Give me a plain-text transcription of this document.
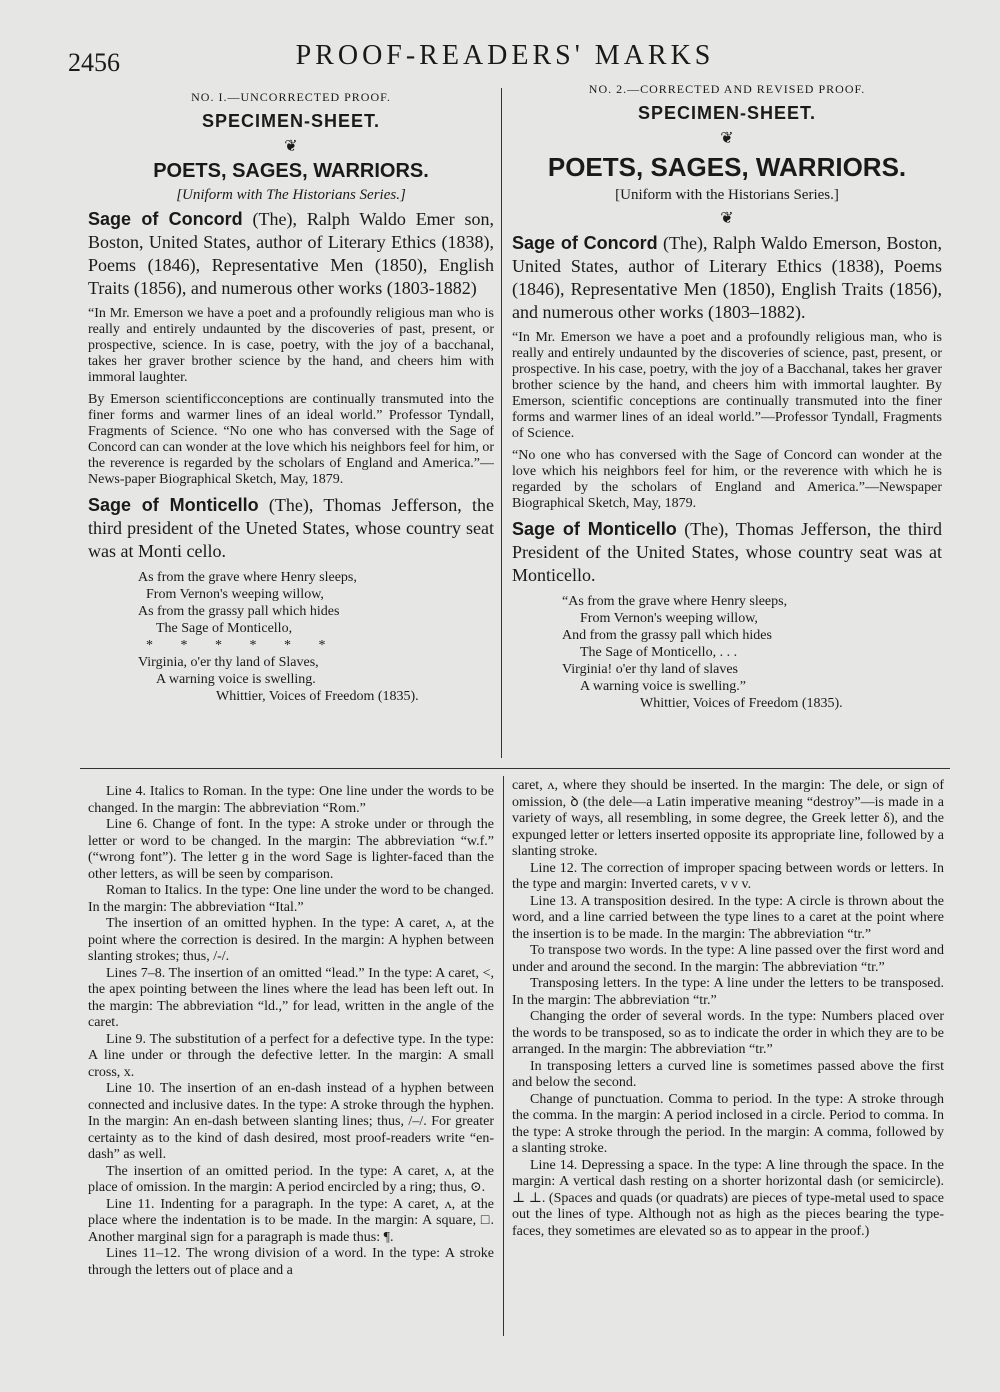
2456	PROOF-READERS' MARKS
NO. I.—UNCORRECTED PROOF.
SPECIMEN-SHEET.
❦
POETS, SAGES, WARRIORS.
[Uniform with The Historians Series.]

Sage of Concord (The), Ralph Waldo Emer son, Boston, United States, author of Literary Ethics (1838), Poems (1846), Representative Men (1850), English Traits (1856), and numerous other works (1803-1882)

“In Mr. Emerson we have a poet and a profoundly religious man who is really and entirely undaunted by the discoveries of past, present, or prospective, science. In is case, poetry, with the joy of a bacchanal, takes her graver brother science by the hand, and cheers him with immoral laughter.

By Emerson scientificconceptions are continually transmuted into the finer forms and warmer lines of an ideal world.” Professor Tyndall, Fragments of Science. “No one who has conversed with the Sage of Concord can can wonder at the love which his neighbors feel for him, or the reverence is regarded by the scholars of England and America.”—News-paper Biographical Sketch, May, 1879.

Sage of Monticello (The), Thomas Jefferson, the third president of the Uneted States, whose country seat was at Monti cello.

As from the grave where Henry sleeps,
From Vernon's weeping willow,
As from the grassy pall which hides
The Sage of Monticello,
* * * * * *
Virginia, o'er thy land of Slaves,
A warning voice is swelling.
Whittier, Voices of Freedom (1835).
NO. 2.—CORRECTED AND REVISED PROOF.
SPECIMEN-SHEET.
❦
POETS, SAGES, WARRIORS.
[Uniform with the Historians Series.]
❦

Sage of Concord (The), Ralph Waldo Emerson, Boston, United States, author of Literary Ethics (1838), Poems (1846), Representative Men (1850), English Traits (1856), and numerous other works (1803–1882).

“In Mr. Emerson we have a poet and a profoundly religious man, who is really and entirely undaunted by the discoveries of science, past, present, or prospective. In his case, poetry, with the joy of a Bacchanal, takes her graver brother science by the hand, and cheers him with immortal laughter. By Emerson, scientific conceptions are continually transmuted into the finer forms and warmer lines of an ideal world.”—Professor Tyndall, Fragments of Science.

“No one who has conversed with the Sage of Concord can wonder at the love which his neighbors feel for him, or the reverence with which he is regarded by the scholars of England and America.”—Newspaper Biographical Sketch, May, 1879.

Sage of Monticello (The), Thomas Jefferson, the third President of the United States, whose country seat was at Monticello.

“As from the grave where Henry sleeps,
From Vernon's weeping willow,
And from the grassy pall which hides
The Sage of Monticello, . . .
Virginia! o'er thy land of slaves
A warning voice is swelling.”
Whittier, Voices of Freedom (1835).

Line 4. Italics to Roman. In the type: One line under the words to be changed. In the margin: The abbreviation “Rom.”

Line 6. Change of font. In the type: A stroke under or through the letter or word to be changed. In the margin: The abbreviation “w.f.” (“wrong font”). The letter g in the word Sage is lighter-faced than the other letters, as will be seen by comparison.

Roman to Italics. In the type: One line under the word to be changed. In the margin: The abbreviation “Ital.”

The insertion of an omitted hyphen. In the type: A caret, ʌ, at the point where the correction is desired. In the margin: A hyphen between slanting strokes; thus, /-/.

Lines 7–8. The insertion of an omitted “lead.” In the type: A caret, <, the apex pointing between the lines where the lead has been left out. In the margin: The abbreviation “ld.,” for lead, written in the angle of the caret.

Line 9. The substitution of a perfect for a defective type. In the type: A line under or through the defective letter. In the margin: A small cross, x.

Line 10. The insertion of an en-dash instead of a hyphen between connected and inclusive dates. In the type: A stroke through the hyphen. In the margin: An en-dash between slanting lines; thus, /–/. For greater certainty as to the kind of dash desired, most proof-readers write “en-dash” as well.

The insertion of an omitted period. In the type: A caret, ʌ, at the place of omission. In the margin: A period encircled by a ring; thus, ⊙.

Line 11. Indenting for a paragraph. In the type: A caret, ʌ, at the place where the indentation is to be made. In the margin: A square, □. Another marginal sign for a paragraph is made thus: ¶.

Lines 11–12. The wrong division of a word. In the type: A stroke through the letters out of place and a

caret, ʌ, where they should be inserted. In the margin: The dele, or sign of omission, ꝺ (the dele—a Latin imperative meaning “destroy”—is made in a variety of ways, all resembling, in some degree, the Greek letter δ), and the expunged letter or letters inserted opposite its appropriate line, followed by a slanting stroke.

Line 12. The correction of improper spacing between words or letters. In the type and margin: Inverted carets, v v v.

Line 13. A transposition desired. In the type: A circle is thrown about the word, and a line carried between the type lines to a caret at the point where the insertion is to be made. In the margin: The abbreviation “tr.”

To transpose two words. In the type: A line passed over the first word and under and around the second. In the margin: The abbreviation “tr.”

Transposing letters. In the type: A line under the letters to be transposed. In the margin: The abbreviation “tr.”

Changing the order of several words. In the type: Numbers placed over the words to be transposed, so as to indicate the order in which they are to be arranged. In the margin: The abbreviation “tr.”

In transposing letters a curved line is sometimes passed above the first and below the second.

Change of punctuation. Comma to period. In the type: A stroke through the comma. In the margin: A period inclosed in a circle. Period to comma. In the type: A stroke through the period. In the margin: A comma, followed by a slanting stroke.

Line 14. Depressing a space. In the type: A line through the space. In the margin: A vertical dash resting on a shorter horizontal dash (or semicircle). ⊥ ⊥. (Spaces and quads (or quadrats) are pieces of type-metal used to space out the lines of type. Although not as high as the pieces bearing the type-faces, they sometimes are elevated so as to appear in the proof.)
